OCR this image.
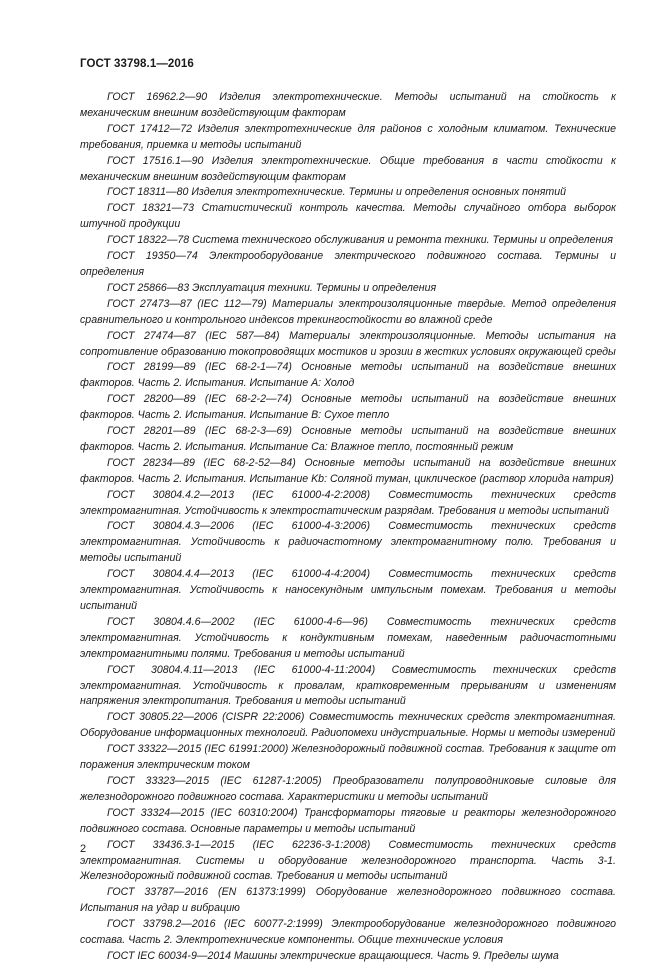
ГОСТ 33798.1—2016

ГОСТ 16962.2—90 Изделия электротехнические. Методы испытаний на стойкость к механическим внешним воздействующим факторам

ГОСТ 17412—72 Изделия электротехнические для районов с холодным климатом. Технические требования, приемка и методы испытаний

ГОСТ 17516.1—90 Изделия электротехнические. Общие требования в части стойкости к механическим внешним воздействующим факторам

ГОСТ 18311—80 Изделия электротехнические. Термины и определения основных понятий

ГОСТ 18321—73 Статистический контроль качества. Методы случайного отбора выборок штучной продукции

ГОСТ 18322—78 Система технического обслуживания и ремонта техники. Термины и определения

ГОСТ 19350—74 Электрооборудование электрического подвижного состава. Термины и определения

ГОСТ 25866—83 Эксплуатация техники. Термины и определения

ГОСТ 27473—87 (IEC 112—79) Материалы электроизоляционные твердые. Метод определения сравнительного и контрольного индексов трекингостойкости во влажной среде

ГОСТ 27474—87 (IEC 587—84) Материалы электроизоляционные. Методы испытания на сопротивление образованию токопроводящих мостиков и эрозии в жестких условиях окружающей среды

ГОСТ 28199—89 (IEC 68-2-1—74) Основные методы испытаний на воздействие внешних факторов. Часть 2. Испытания. Испытание А: Холод

ГОСТ 28200—89 (IEC 68-2-2—74) Основные методы испытаний на воздействие внешних факторов. Часть 2. Испытания. Испытание В: Сухое тепло

ГОСТ 28201—89 (IEC 68-2-3—69) Основные методы испытаний на воздействие внешних факторов. Часть 2. Испытания. Испытание Са: Влажное тепло, постоянный режим

ГОСТ 28234—89 (IEC 68-2-52—84) Основные методы испытаний на воздействие внешних факторов. Часть 2. Испытания. Испытание Kb: Соляной туман, циклическое (раствор хлорида натрия)

ГОСТ 30804.4.2—2013 (IEC 61000-4-2:2008) Совместимость технических средств электромагнитная. Устойчивость к электростатическим разрядам. Требования и методы испытаний

ГОСТ 30804.4.3—2006 (IEC 61000-4-3:2006) Совместимость технических средств электромагнитная. Устойчивость к радиочастотному электромагнитному полю. Требования и методы испытаний

ГОСТ 30804.4.4—2013 (IEC 61000-4-4:2004) Совместимость технических средств электромагнитная. Устойчивость к наносекундным импульсным помехам. Требования и методы испытаний

ГОСТ 30804.4.6—2002 (IEC 61000-4-6—96) Совместимость технических средств электромагнитная. Устойчивость к кондуктивным помехам, наведенным радиочастотными электромагнитными полями. Требования и методы испытаний

ГОСТ 30804.4.11—2013 (IEC 61000-4-11:2004) Совместимость технических средств электромагнитная. Устойчивость к провалам, кратковременным прерываниям и изменениям напряжения электропитания. Требования и методы испытаний

ГОСТ 30805.22—2006 (CISPR 22:2006) Совместимость технических средств электромагнитная. Оборудование информационных технологий. Радиопомехи индустриальные. Нормы и методы измерений

ГОСТ 33322—2015 (IEC 61991:2000) Железнодорожный подвижной состав. Требования к защите от поражения электрическим током

ГОСТ 33323—2015 (IEC 61287-1:2005) Преобразователи полупроводниковые силовые для железнодорожного подвижного состава. Характеристики и методы испытаний

ГОСТ 33324—2015 (IEC 60310:2004) Трансформаторы тяговые и реакторы железнодорожного подвижного состава. Основные параметры и методы испытаний

ГОСТ 33436.3-1—2015 (IEC 62236-3-1:2008) Совместимость технических средств электромагнитная. Системы и оборудование железнодорожного транспорта. Часть 3-1. Железнодорожный подвижной состав. Требования и методы испытаний

ГОСТ 33787—2016 (EN 61373:1999) Оборудование железнодорожного подвижного состава. Испытания на удар и вибрацию

ГОСТ 33798.2—2016 (IEC 60077-2:1999) Электрооборудование железнодорожного подвижного состава. Часть 2. Электротехнические компоненты. Общие технические условия

ГОСТ IEC 60034-9—2014 Машины электрические вращающиеся. Часть 9. Пределы шума

2
